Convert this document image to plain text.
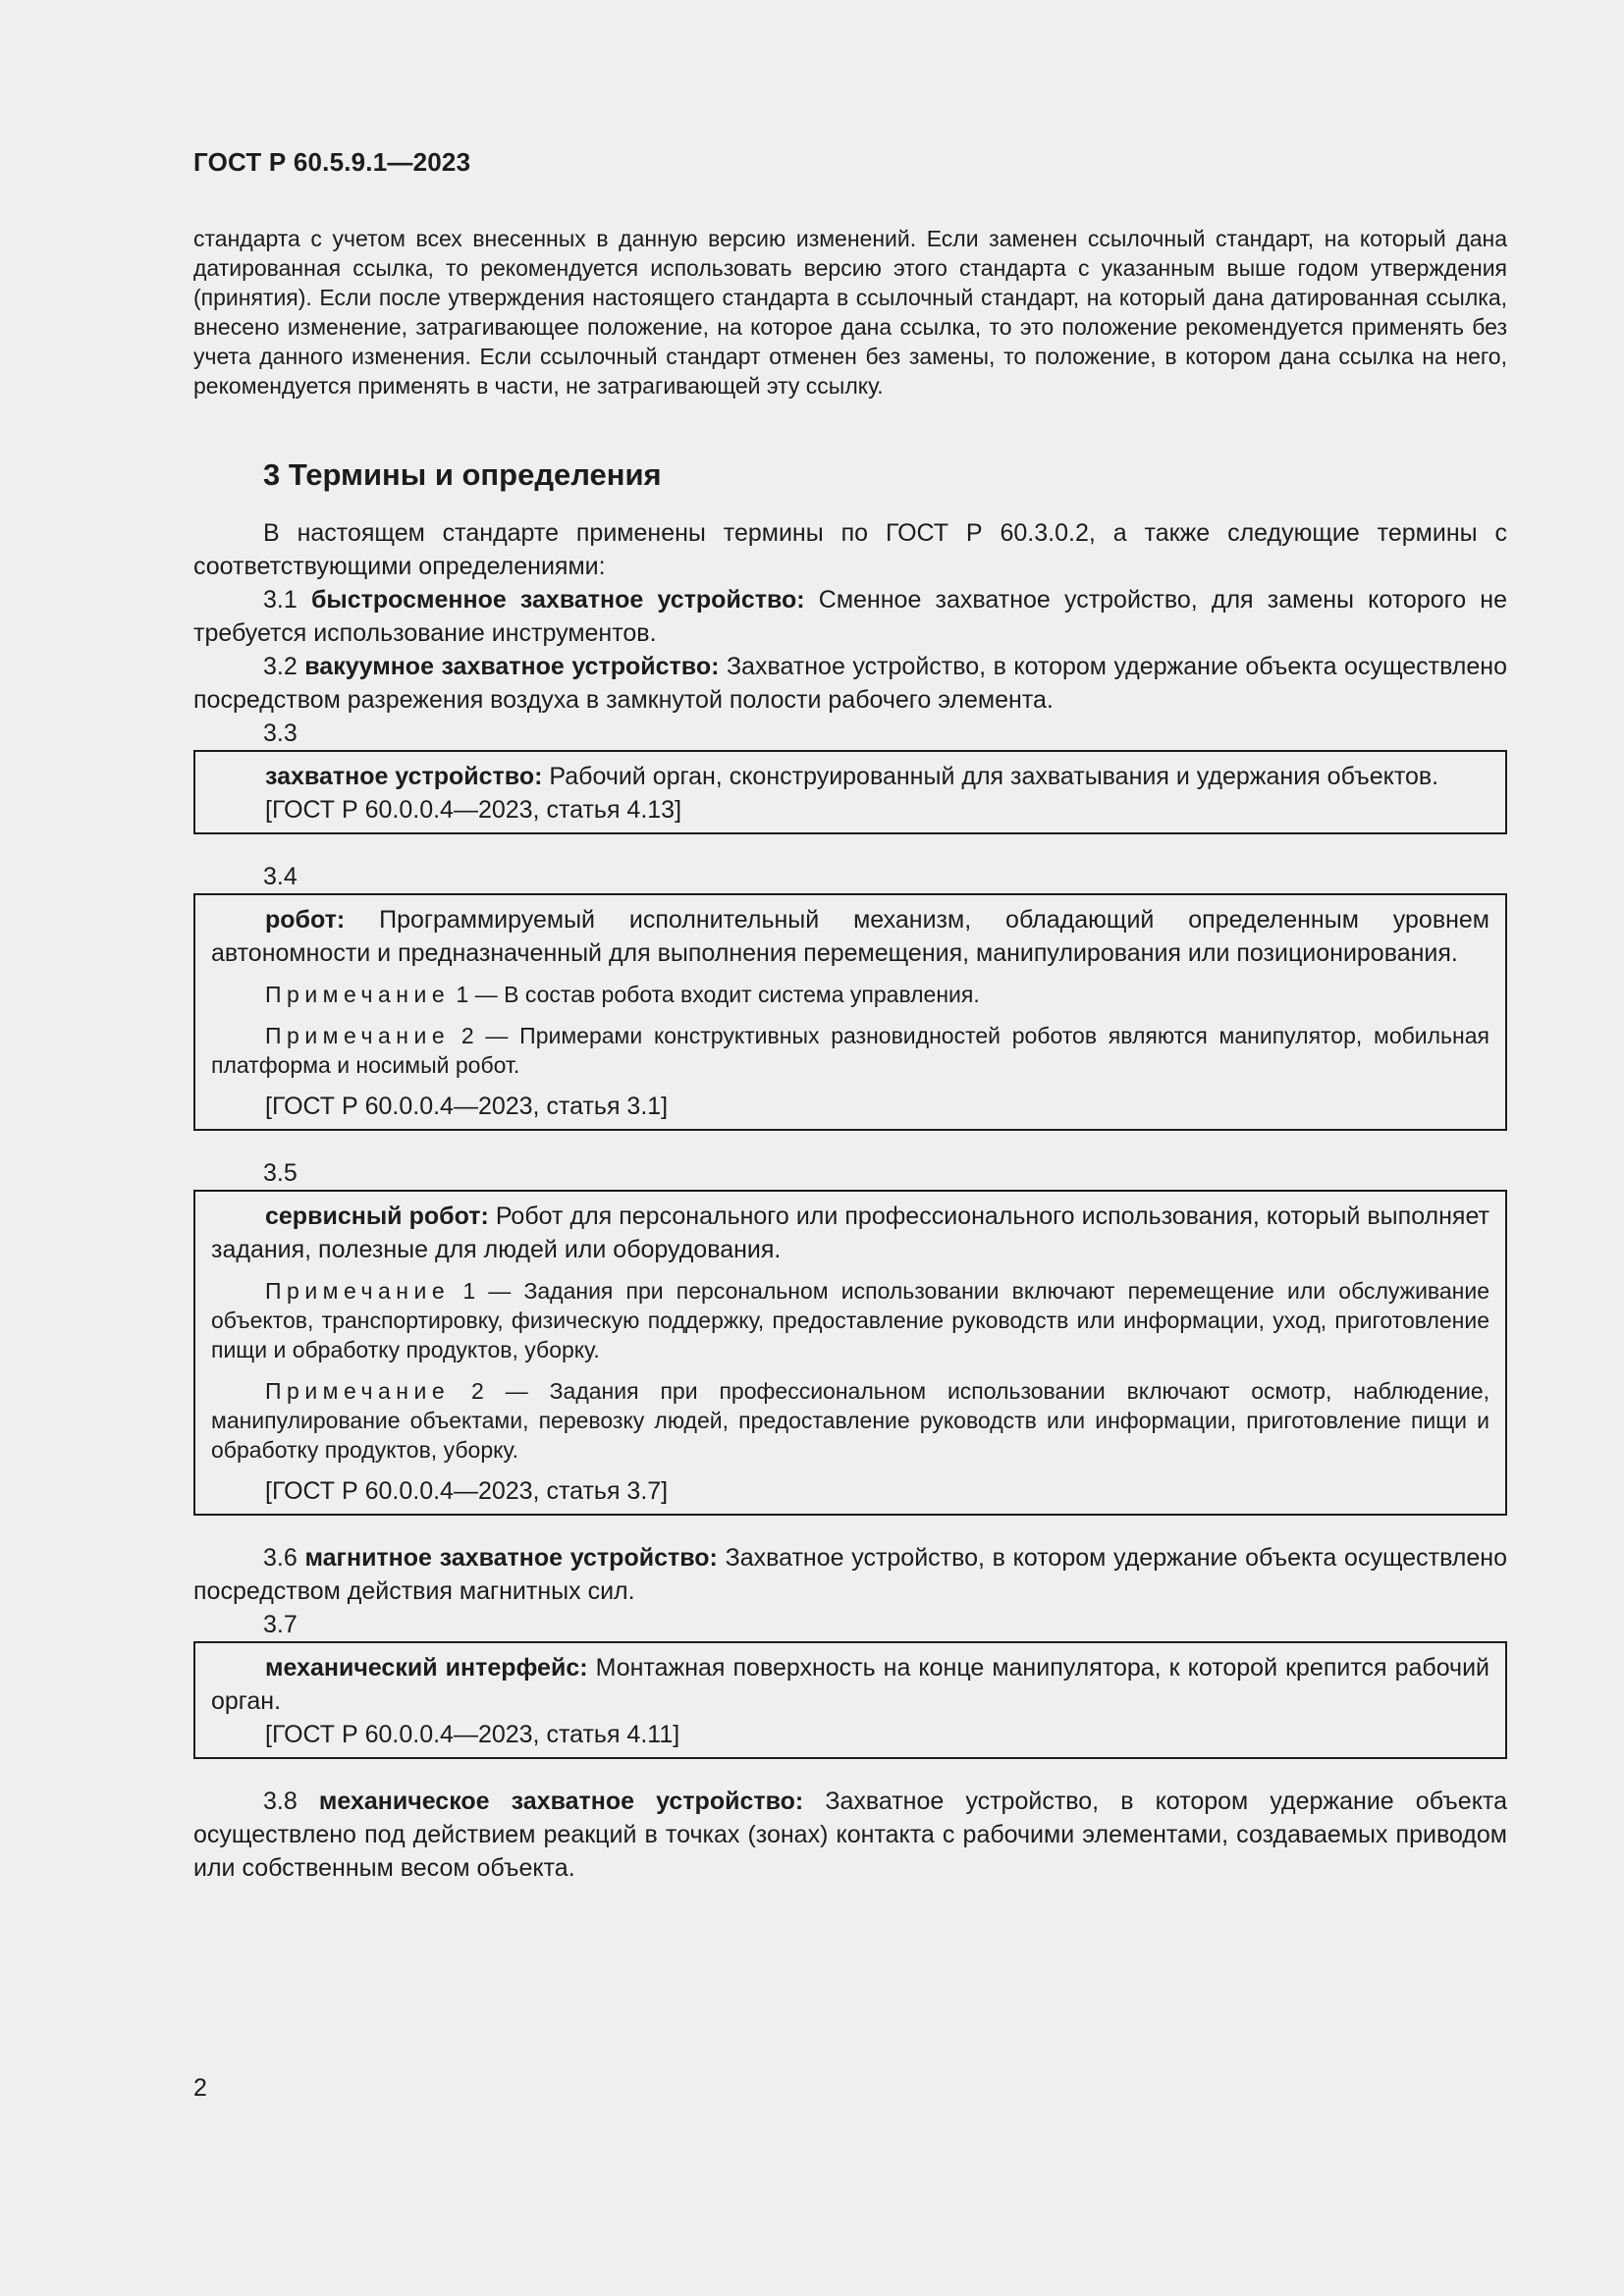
ГОСТ Р 60.5.9.1—2023

стандарта с учетом всех внесенных в данную версию изменений. Если заменен ссылочный стандарт, на который дана датированная ссылка, то рекомендуется использовать версию этого стандарта с указанным выше годом утверждения (принятия). Если после утверждения настоящего стандарта в ссылочный стандарт, на который дана датированная ссылка, внесено изменение, затрагивающее положение, на которое дана ссылка, то это положение рекомендуется применять без учета данного изменения. Если ссылочный стандарт отменен без замены, то положение, в котором дана ссылка на него, рекомендуется применять в части, не затрагивающей эту ссылку.

3 Термины и определения

В настоящем стандарте применены термины по ГОСТ Р 60.3.0.2, а также следующие термины с соответствующими определениями:

3.1 быстросменное захватное устройство: Сменное захватное устройство, для замены которого не требуется использование инструментов.

3.2 вакуумное захватное устройство: Захватное устройство, в котором удержание объекта осуществлено посредством разрежения воздуха в замкнутой полости рабочего элемента.

3.3

захватное устройство: Рабочий орган, сконструированный для захватывания и удержания объектов.

[ГОСТ Р 60.0.0.4—2023, статья 4.13]

3.4

робот: Программируемый исполнительный механизм, обладающий определенным уровнем автономности и предназначенный для выполнения перемещения, манипулирования или позиционирования.

Примечание 1 — В состав робота входит система управления.

Примечание 2 — Примерами конструктивных разновидностей роботов являются манипулятор, мобильная платформа и носимый робот.

[ГОСТ Р 60.0.0.4—2023, статья 3.1]

3.5

сервисный робот: Робот для персонального или профессионального использования, который выполняет задания, полезные для людей или оборудования.

Примечание 1 — Задания при персональном использовании включают перемещение или обслуживание объектов, транспортировку, физическую поддержку, предоставление руководств или информации, уход, приготовление пищи и обработку продуктов, уборку.

Примечание 2 — Задания при профессиональном использовании включают осмотр, наблюдение, манипулирование объектами, перевозку людей, предоставление руководств или информации, приготовление пищи и обработку продуктов, уборку.

[ГОСТ Р 60.0.0.4—2023, статья 3.7]

3.6 магнитное захватное устройство: Захватное устройство, в котором удержание объекта осуществлено посредством действия магнитных сил.

3.7

механический интерфейс: Монтажная поверхность на конце манипулятора, к которой крепится рабочий орган.

[ГОСТ Р 60.0.0.4—2023, статья 4.11]

3.8 механическое захватное устройство: Захватное устройство, в котором удержание объекта осуществлено под действием реакций в точках (зонах) контакта с рабочими элементами, создаваемых приводом или собственным весом объекта.

2
